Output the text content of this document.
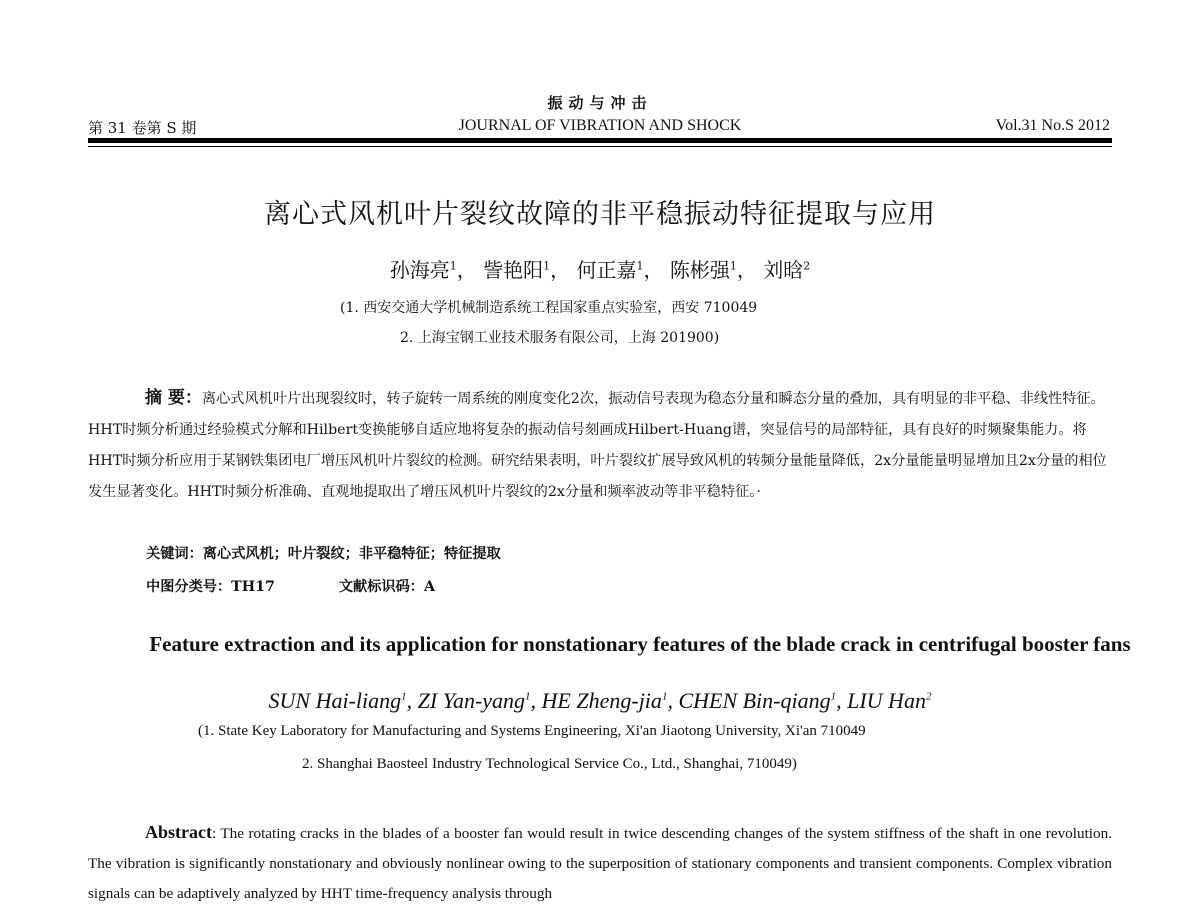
振动与冲击
第 31 卷第 S 期	JOURNAL OF VIBRATION AND SHOCK	Vol.31 No.S 2012
离心式风机叶片裂纹故障的非平稳振动特征提取与应用
孙海亮$^1$， 訾艳阳$^1$， 何正嘉$^1$， 陈彬强$^1$， 刘晗$^2$
(1. 西安交通大学机械制造系统工程国家重点实验室，西安 710049
2. 上海宝钢工业技术服务有限公司，上海 201900)
摘 要：离心式风机叶片出现裂纹时，转子旋转一周系统的刚度变化2次，振动信号表现为稳态分量和瞬态分量的叠加，具有明显的非平稳、非线性特征。HHT时频分析通过经验模式分解和Hilbert变换能够自适应地将复杂的振动信号刻画成Hilbert-Huang谱，突显信号的局部特征，具有良好的时频聚集能力。将HHT时频分析应用于某钢铁集团电厂增压风机叶片裂纹的检测。研究结果表明，叶片裂纹扩展导致风机的转频分量能量降低，2x分量能量明显增加且2x分量的相位发生显著变化。HHT时频分析准确、直观地提取出了增压风机叶片裂纹的2x分量和频率波动等非平稳特征。·
关键词：离心式风机；叶片裂纹；非平稳特征；特征提取
中图分类号：TH17	文献标识码：A
Feature extraction and its application for nonstationary features of the blade crack in centrifugal booster fans
SUN Hai-liang$^1$, ZI Yan-yang$^1$, HE Zheng-jia$^1$, CHEN Bin-qiang$^1$, LIU Han$^2$
(1. State Key Laboratory for Manufacturing and Systems Engineering, Xi'an Jiaotong University, Xi'an 710049
2. Shanghai Baosteel Industry Technological Service Co., Ltd., Shanghai, 710049)
Abstract: The rotating cracks in the blades of a booster fan would result in twice descending changes of the system stiffness of the shaft in one revolution. The vibration is significantly nonstationary and obviously nonlinear owing to the superposition of stationary components and transient components. Complex vibration signals can be adaptively analyzed by HHT time-frequency analysis through
